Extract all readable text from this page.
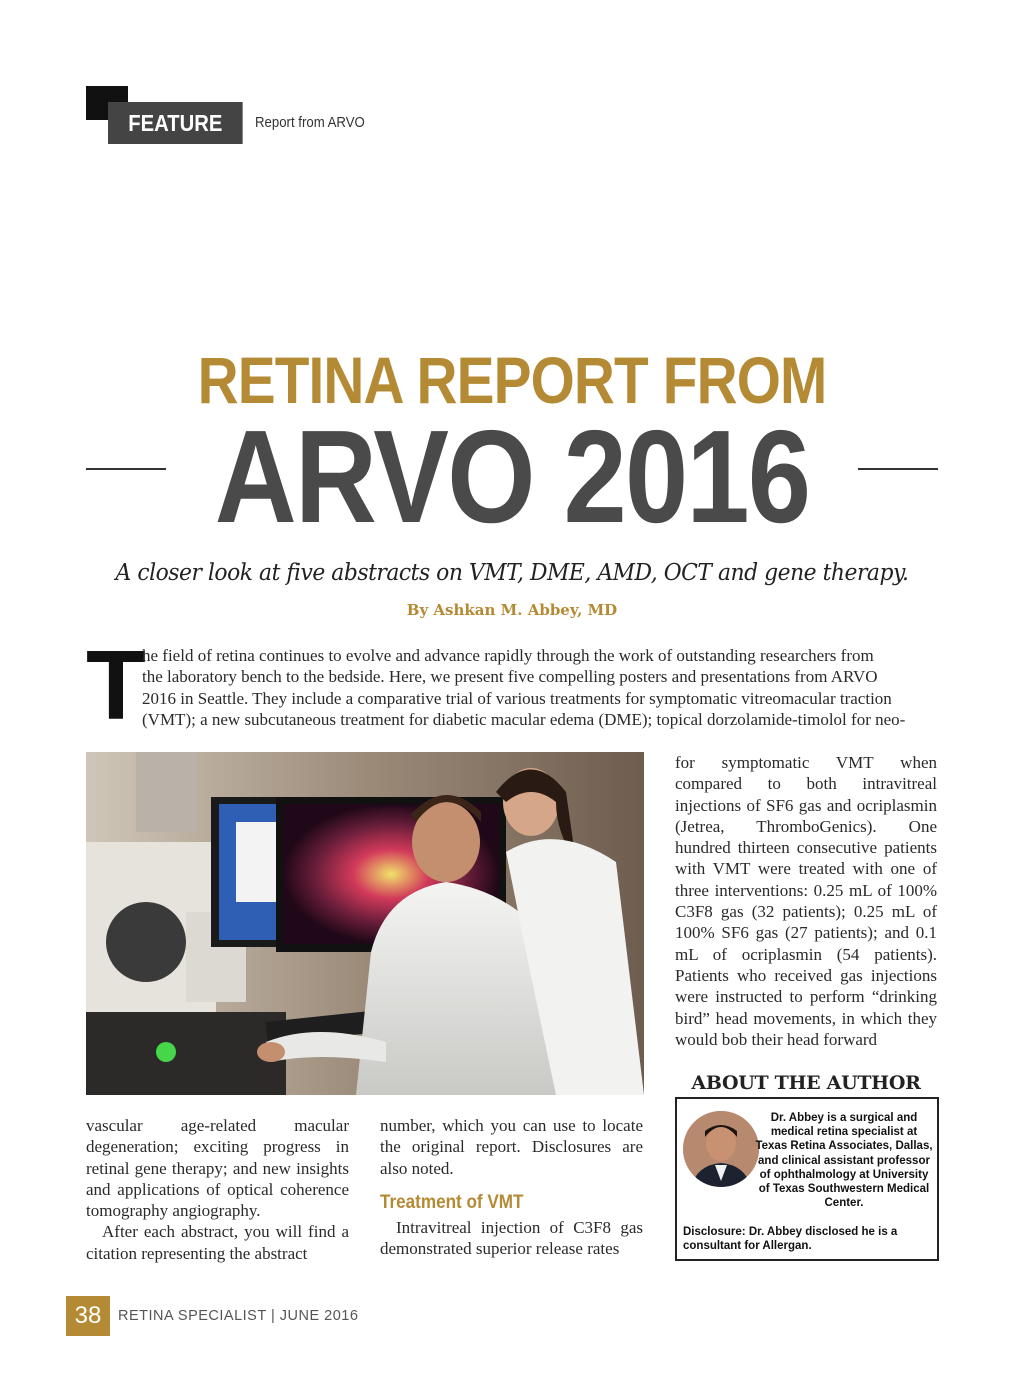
FEATURE	Report from ARVO
RETINA REPORT FROM
ARVO 2016
A closer look at five abstracts on VMT, DME, AMD, OCT and gene therapy.
By Ashkan M. Abbey, MD
T
he field of retina continues to evolve and advance rapidly through the work of outstanding researchers from
the laboratory bench to the bedside. Here, we present five compelling posters and presentations from ARVO
2016 in Seattle. They include a comparative trial of various treatments for symptomatic vitreomacular traction
(VMT); a new subcutaneous treatment for diabetic macular edema (DME); topical dorzolamide-timolol for neo-

for symptomatic VMT when compared to both intravitreal injections of SF6 gas and ocriplasmin (Jetrea, ThromboGenics). One hundred thirteen consecutive patients with VMT were treated with one of three interventions: 0.25 mL of 100% C3F8 gas (32 patients); 0.25 mL of 100% SF6 gas (27 patients); and 0.1 mL of ocriplasmin (54 patients). Patients who received gas injections were instructed to perform “drinking bird” head movements, in which they would bob their head forward

ABOUT THE AUTHOR
Dr. Abbey is a surgical and medical retina specialist at Texas Retina Associates, Dallas, and clinical assistant professor of ophthalmology at University of Texas Southwestern Medical Center.
Disclosure: Dr. Abbey disclosed he is a consultant for Allergan.

vascular age-related macular degeneration; exciting progress in retinal gene therapy; and new insights and applications of optical coherence tomography angiography.

After each abstract, you will find a citation representing the abstract

number, which you can use to locate the original report. Disclosures are also noted.

Treatment of VMT

Intravitreal injection of C3F8 gas demonstrated superior release rates

38	RETINA SPECIALIST | JUNE 2016
